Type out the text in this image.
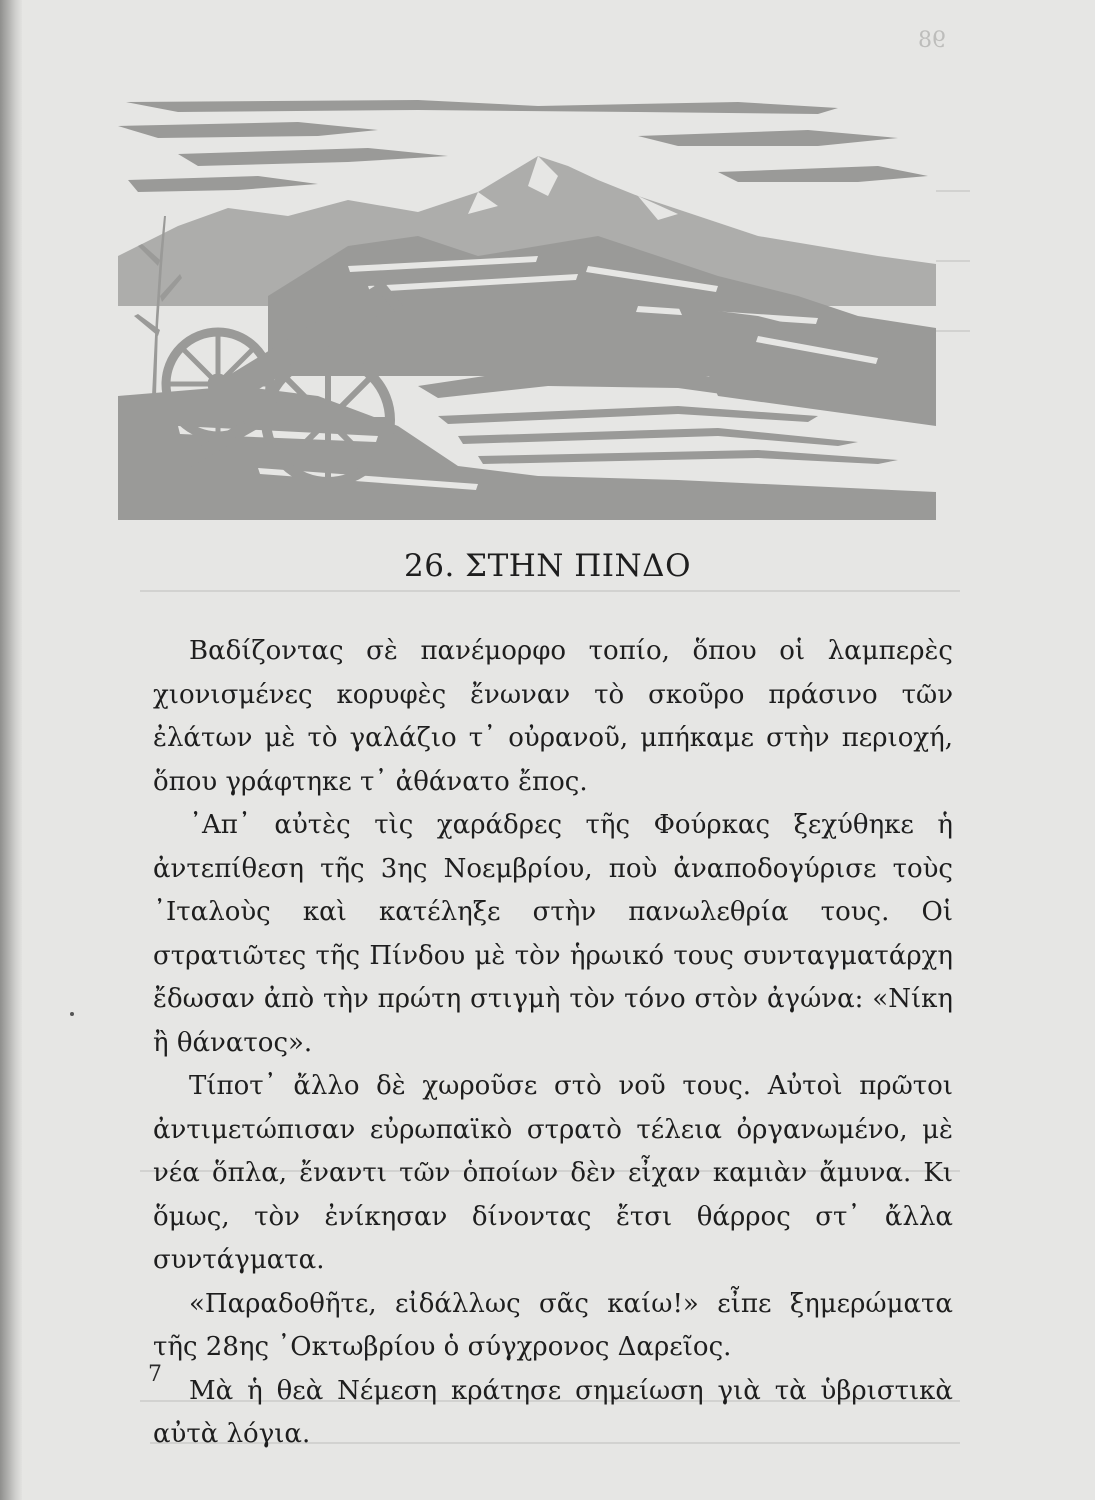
98
26. ΣΤΗΝ ΠΙΝΔΟ

Βαδίζοντας σὲ πανέμορφο τοπίο, ὅπου οἱ λαμπερὲς χιονισμένες κορυφὲς ἔνωναν τὸ σκοῦρο πράσινο τῶν ἐλάτων μὲ τὸ γαλάζιο τ᾽ οὐρανοῦ, μπήκαμε στὴν περιοχή, ὅπου γράφτηκε τ᾽ ἀθάνατο ἔπος.

᾽Απ᾽ αὐτὲς τὶς χαράδρες τῆς Φούρκας ξεχύθηκε ἡ ἀντεπίθεση τῆς 3ης Νοεμβρίου, ποὺ ἀναποδογύρισε τοὺς ᾽Ιταλοὺς καὶ κατέληξε στὴν πανωλεθρία τους. Οἱ στρατιῶτες τῆς Πίνδου μὲ τὸν ἡρωικό τους συνταγματάρχη ἔδωσαν ἀπὸ τὴν πρώτη στιγμὴ τὸν τόνο στὸν ἀγώνα: «Νίκη ἢ θάνατος».

Τίποτ᾽ ἄλλο δὲ χωροῦσε στὸ νοῦ τους. Αὐτοὶ πρῶτοι ἀντιμετώπισαν εὐρωπαϊκὸ στρατὸ τέλεια ὀργανωμένο, μὲ νέα ὅπλα, ἔναντι τῶν ὁποίων δὲν εἶχαν καμιὰν ἄμυνα. Κι ὅμως, τὸν ἐνίκησαν δίνοντας ἔτσι θάρρος στ᾽ ἄλλα συντάγματα.

«Παραδοθῆτε, εἰδάλλως σᾶς καίω!» εἶπε ξημερώματα τῆς 28ης ᾽Οκτωβρίου ὁ σύγχρονος Δαρεῖος.

Μὰ ἡ θεὰ Νέμεση κράτησε σημείωση γιὰ τὰ ὑβριστικὰ αὐτὰ λόγια.

7
